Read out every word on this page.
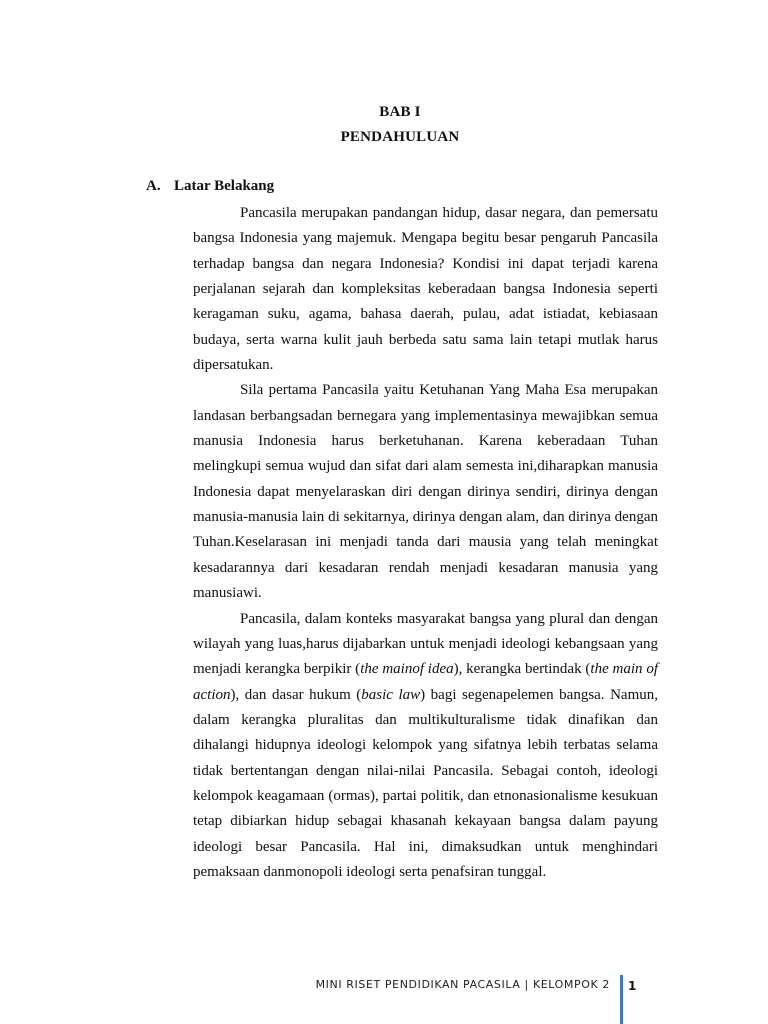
BAB I
PENDAHULUAN
A. Latar Belakang

Pancasila merupakan pandangan hidup, dasar negara, dan pemersatu bangsa Indonesia yang majemuk. Mengapa begitu besar pengaruh Pancasila terhadap bangsa dan negara Indonesia? Kondisi ini dapat terjadi karena perjalanan sejarah dan kompleksitas keberadaan bangsa Indonesia seperti keragaman suku, agama, bahasa daerah, pulau, adat istiadat, kebiasaan budaya, serta warna kulit jauh berbeda satu sama lain tetapi mutlak harus dipersatukan.

Sila pertama Pancasila yaitu Ketuhanan Yang Maha Esa merupakan landasan berbangsadan bernegara yang implementasinya mewajibkan semua manusia Indonesia harus berketuhanan. Karena keberadaan Tuhan melingkupi semua wujud dan sifat dari alam semesta ini,diharapkan manusia Indonesia dapat menyelaraskan diri dengan dirinya sendiri, dirinya dengan manusia-manusia lain di sekitarnya, dirinya dengan alam, dan dirinya dengan Tuhan.Keselarasan ini menjadi tanda dari mausia yang telah meningkat kesadarannya dari kesadaran rendah menjadi kesadaran manusia yang manusiawi.

Pancasila, dalam konteks masyarakat bangsa yang plural dan dengan wilayah yang luas,harus dijabarkan untuk menjadi ideologi kebangsaan yang menjadi kerangka berpikir (the mainof idea), kerangka bertindak (the main of action), dan dasar hukum (basic law) bagi segenapelemen bangsa. Namun, dalam kerangka pluralitas dan multikulturalisme tidak dinafikan dan dihalangi hidupnya ideologi kelompok yang sifatnya lebih terbatas selama tidak bertentangan dengan nilai-nilai Pancasila. Sebagai contoh, ideologi kelompok keagamaan (ormas), partai politik, dan etnonasionalisme kesukuan tetap dibiarkan hidup sebagai khasanah kekayaan bangsa dalam payung ideologi besar Pancasila. Hal ini, dimaksudkan untuk menghindari pemaksaan danmonopoli ideologi serta penafsiran tunggal.

MINI RISET PENDIDIKAN PACASILA | KELOMPOK 2 1
